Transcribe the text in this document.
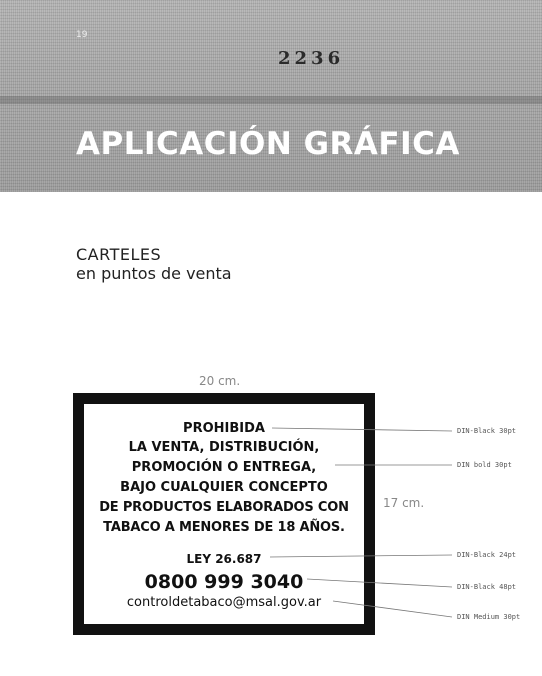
19
2236
APLICACIÓN GRÁFICA
CARTELES
en puntos de venta
20 cm.
17 cm.
PROHIBIDA
LA VENTA, DISTRIBUCIÓN,
PROMOCIÓN O ENTREGA,
BAJO CUALQUIER CONCEPTO
DE PRODUCTOS ELABORADOS CON
TABACO A MENORES DE 18 AÑOS.
LEY 26.687
0800 999 3040
controldetabaco@msal.gov.ar
DIN-Black 30pt
DIN bold 30pt
DIN-Black 24pt
DIN-Black 48pt
DIN Medium 30pt
